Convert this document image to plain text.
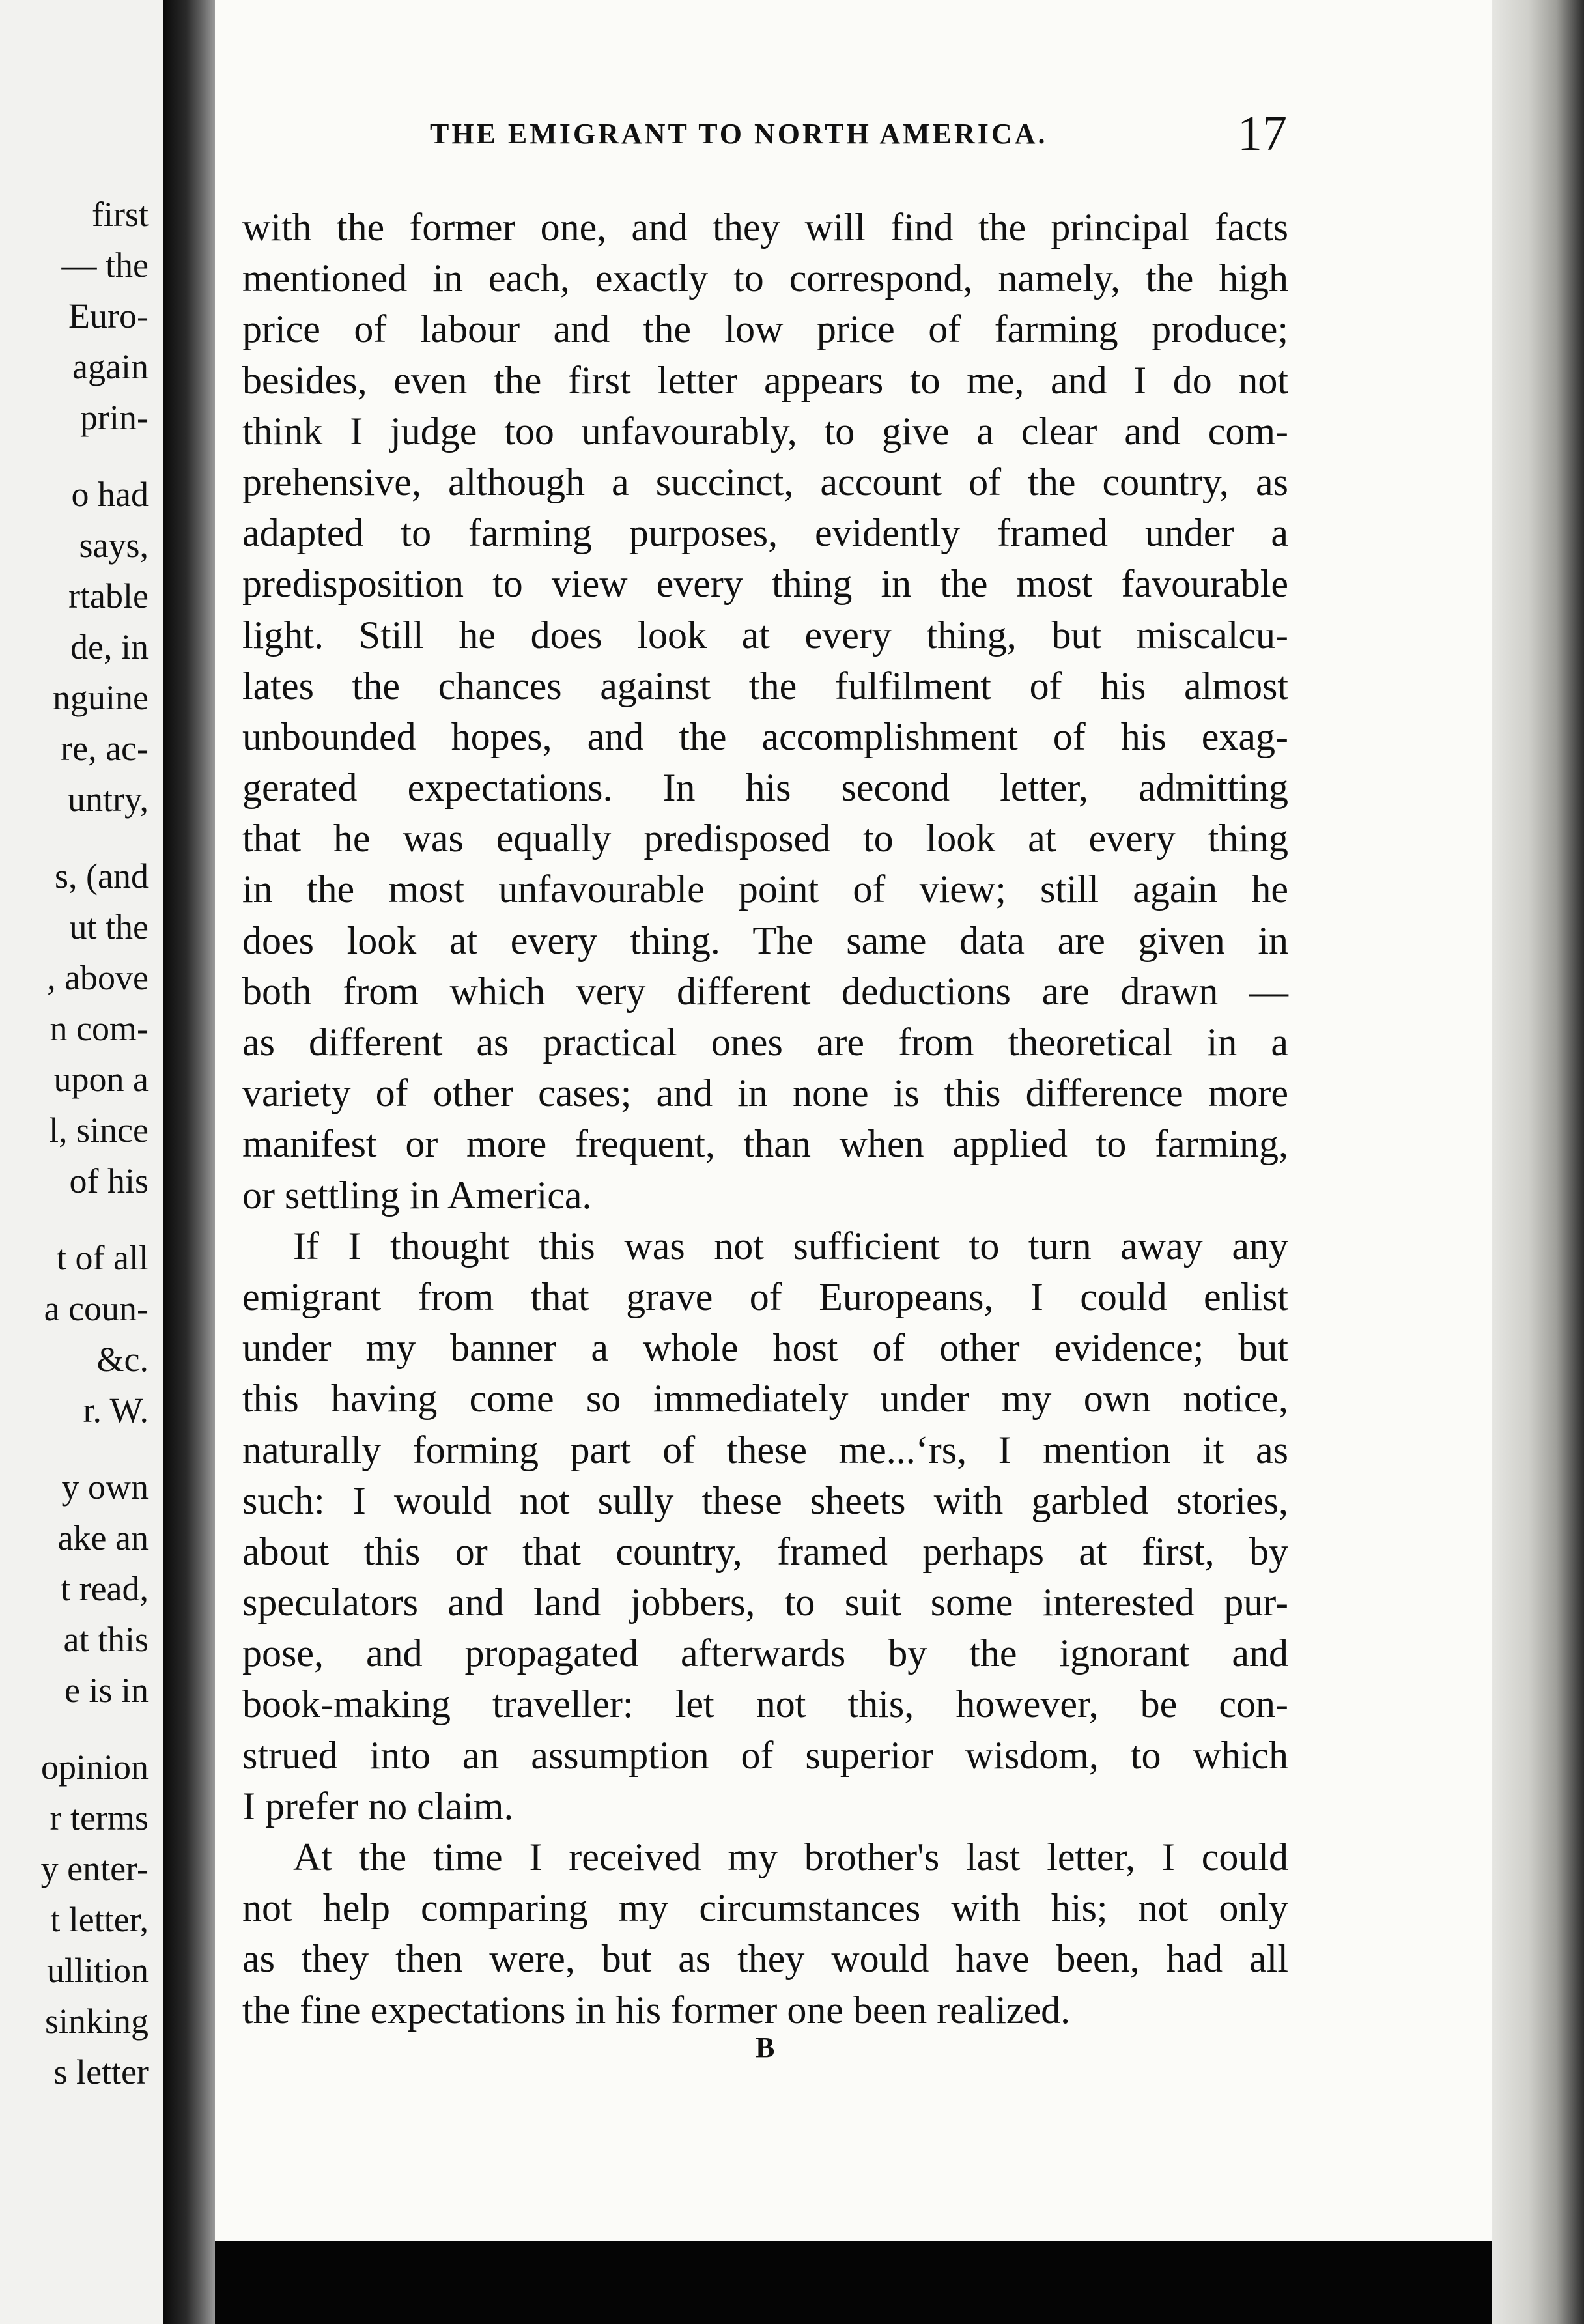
first
— the
Euro-
again
prin-
o had
says,
rtable
de, in
nguine
re, ac-
untry,
s, (and
ut the
, above
n com-
upon a
l, since
of his
t of all
a coun-
&c.
r. W.
y own
ake an
t read,
at this
e is in
opinion
r terms
y enter-
t letter,
ullition
sinking
s letter
THE EMIGRANT TO NORTH AMERICA.	17
with the former one, and they will find the principal facts
mentioned in each, exactly to correspond, namely, the high
price of labour and the low price of farming produce;
besides, even the first letter appears to me, and I do not
think I judge too unfavourably, to give a clear and com-
prehensive, although a succinct, account of the country, as
adapted to farming purposes, evidently framed under a
predisposition to view every thing in the most favourable
light. Still he does look at every thing, but miscalcu-
lates the chances against the fulfilment of his almost
unbounded hopes, and the accomplishment of his exag-
gerated expectations. In his second letter, admitting
that he was equally predisposed to look at every thing
in the most unfavourable point of view; still again he
does look at every thing. The same data are given in
both from which very different deductions are drawn —
as different as practical ones are from theoretical in a
variety of other cases; and in none is this difference more
manifest or more frequent, than when applied to farming,
or settling in America.
If I thought this was not sufficient to turn away any
emigrant from that grave of Europeans, I could enlist
under my banner a whole host of other evidence; but
this having come so immediately under my own notice,
naturally forming part of these me...ʻrs, I mention it as
such: I would not sully these sheets with garbled stories,
about this or that country, framed perhaps at first, by
speculators and land jobbers, to suit some interested pur-
pose, and propagated afterwards by the ignorant and
book-making traveller: let not this, however, be con-
strued into an assumption of superior wisdom, to which
I prefer no claim.
At the time I received my brother's last letter, I could
not help comparing my circumstances with his; not only
as they then were, but as they would have been, had all
the fine expectations in his former one been realized.
B
